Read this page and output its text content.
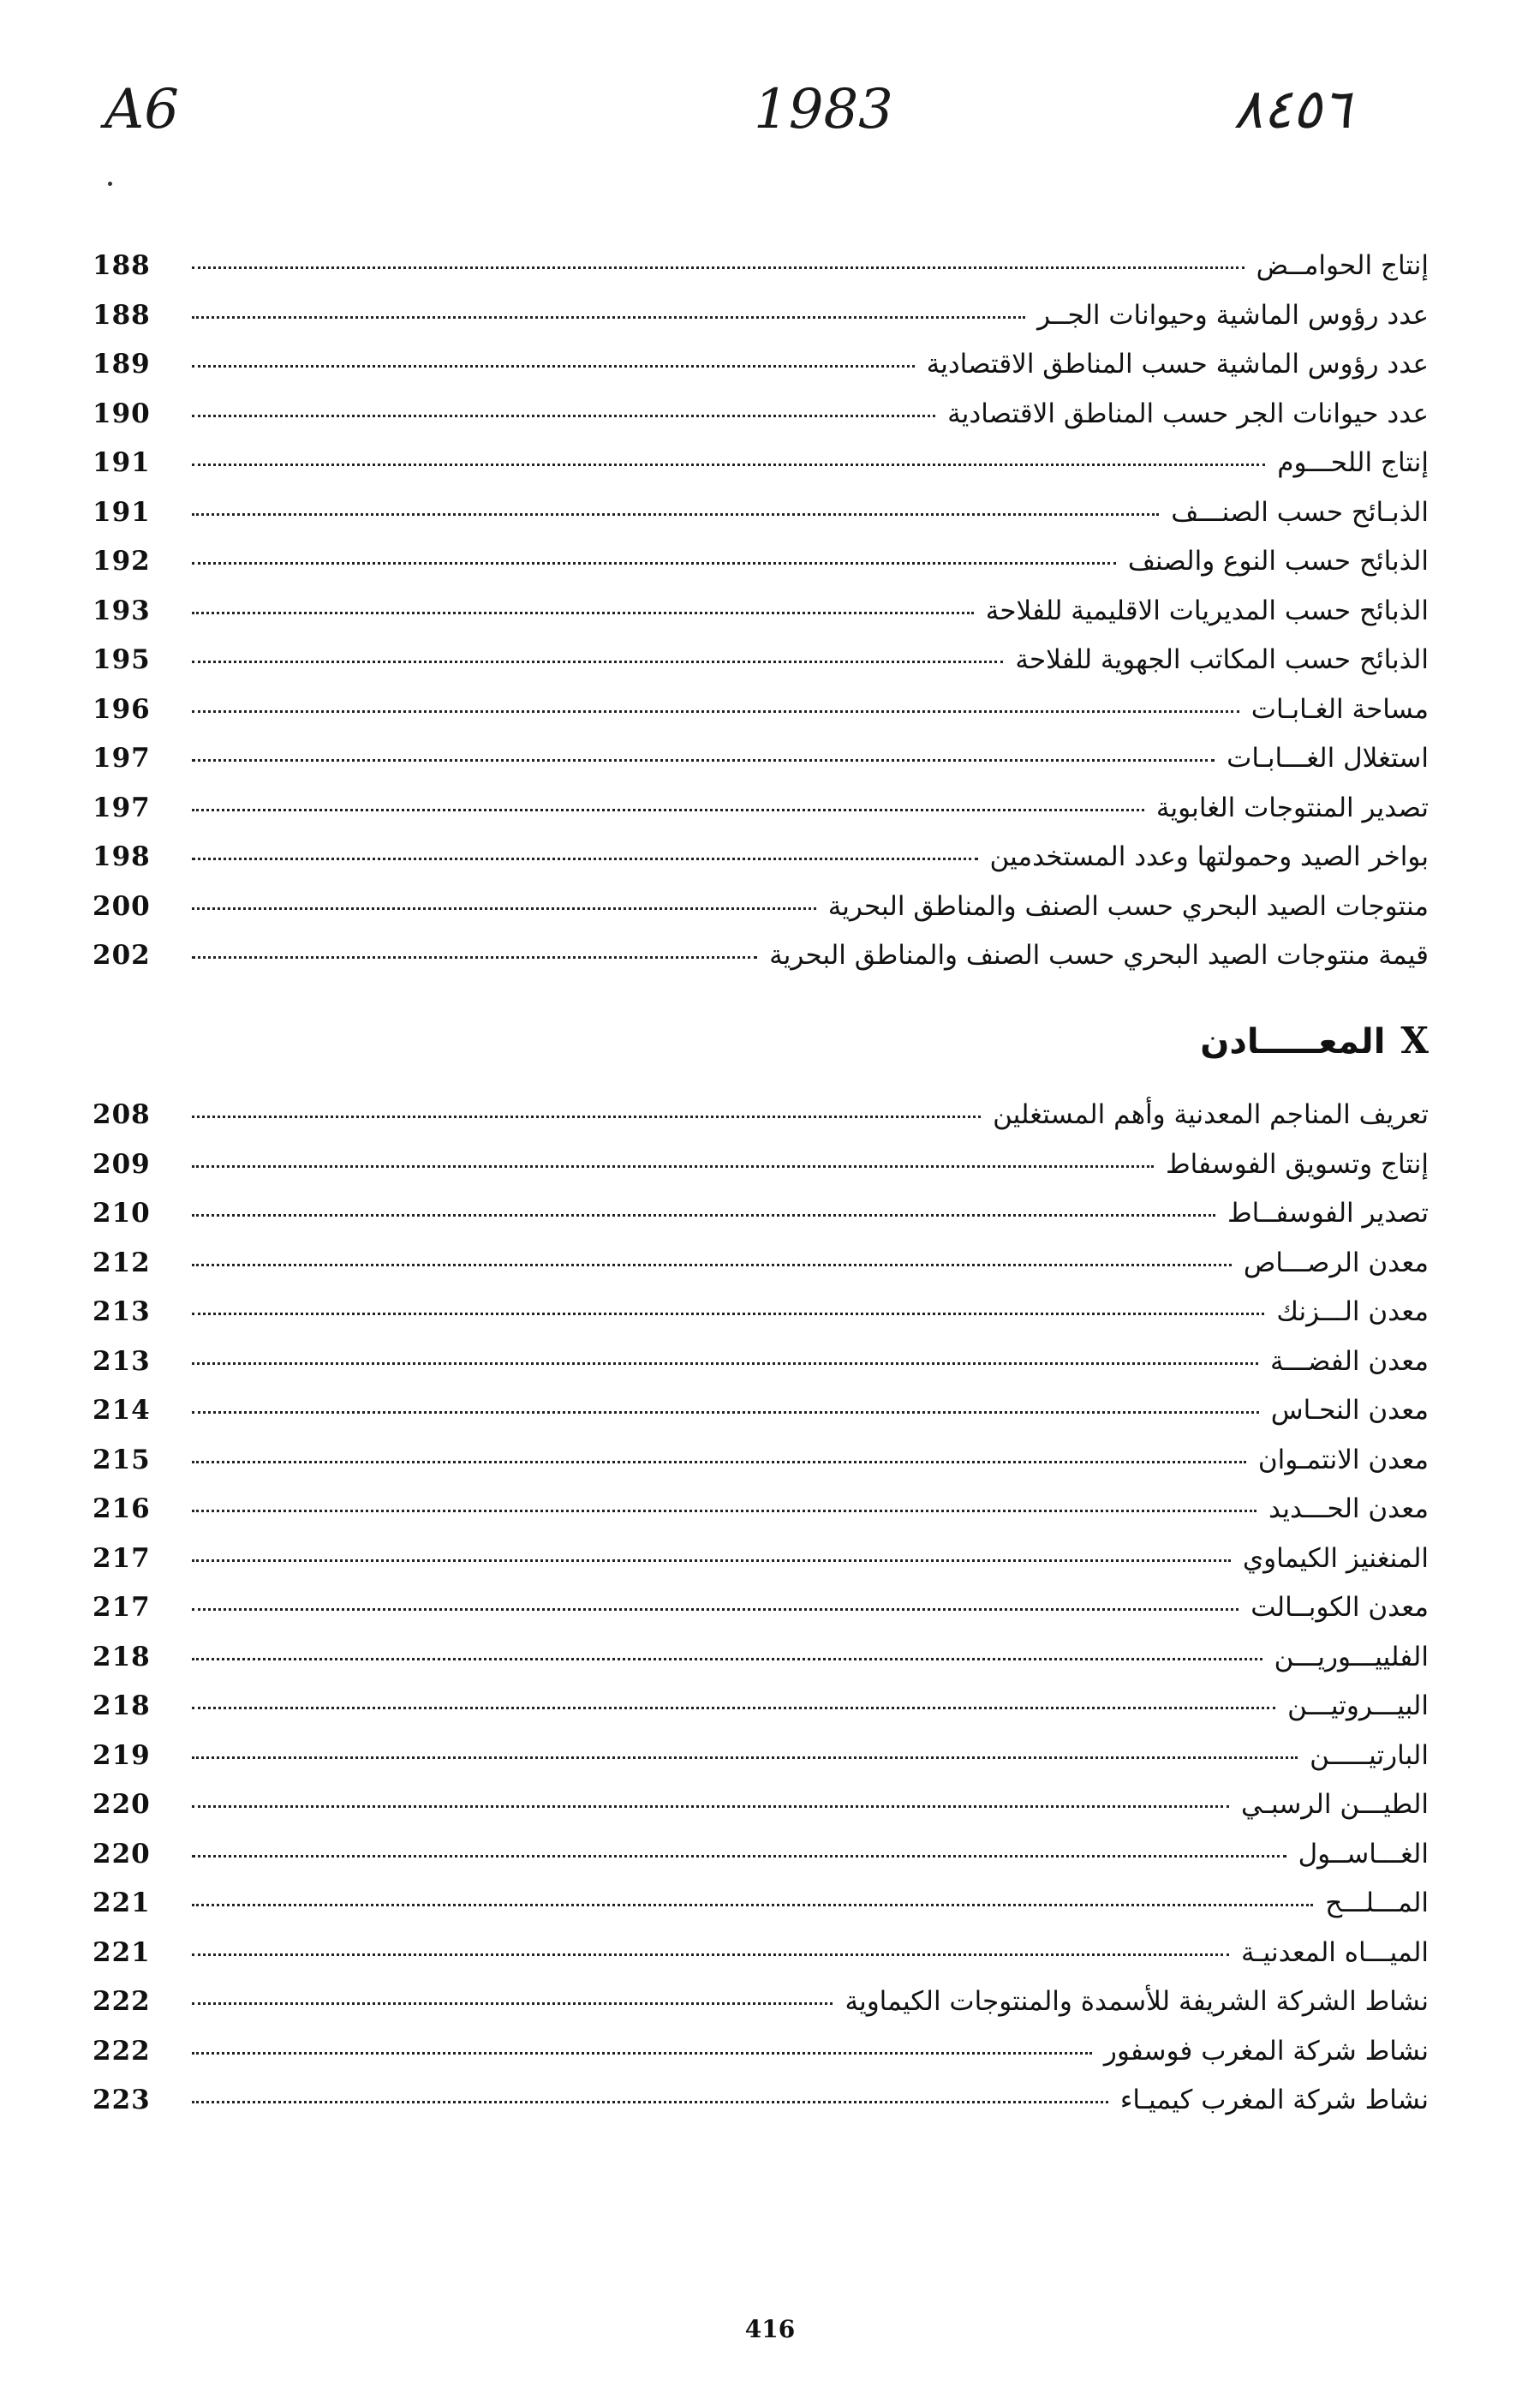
A6	1983	٨٤٥٦
188	إنتاج الحوامــض
188	عدد رؤوس الماشية وحيوانات الجــر
189	عدد رؤوس الماشية حسب المناطق الاقتصادية
190	عدد حيوانات الجر حسب المناطق الاقتصادية
191	إنتاج اللحـــوم
191	الذبـائح حسب الصنـــف
192	الذبائح حسب النوع والصنف
193	الذبائح حسب المديريات الاقليمية للفلاحة
195	الذبائح حسب المكاتب الجهوية للفلاحة
196	مساحة الغـابـات
197	استغلال الغـــابـات
197	تصدير المنتوجات الغابوية
198	بواخر الصيد وحمولتها وعدد المستخدمين
200	منتوجات الصيد البحري حسب الصنف والمناطق البحرية
202	قيمة منتوجات الصيد البحري حسب الصنف والمناطق البحرية
Xالمعـــــادن
208	تعريف المناجم المعدنية وأهم المستغلين
209	إنتاج وتسويق الفوسفاط
210	تصدير الفوسفــاط
212	معدن الرصـــاص
213	معدن الـــزنك
213	معدن الفضـــة
214	معدن النحـاس
215	معدن الانتمـوان
216	معدن الحـــديد
217	المنغنيز الكيماوي
217	معدن الكوبــالت
218	الفلييـــوريـــن
218	البيـــروتيـــن
219	البارتيـــــن
220	الطيـــن الرسبـي
220	الغـــاســول
221	المـــلـــح
221	الميـــاه المعدنيـة
222	نشاط الشركة الشريفة للأسمدة والمنتوجات الكيماوية
222	نشاط شركة المغرب فوسفور
223	نشاط شركة المغرب كيميـاء
416
